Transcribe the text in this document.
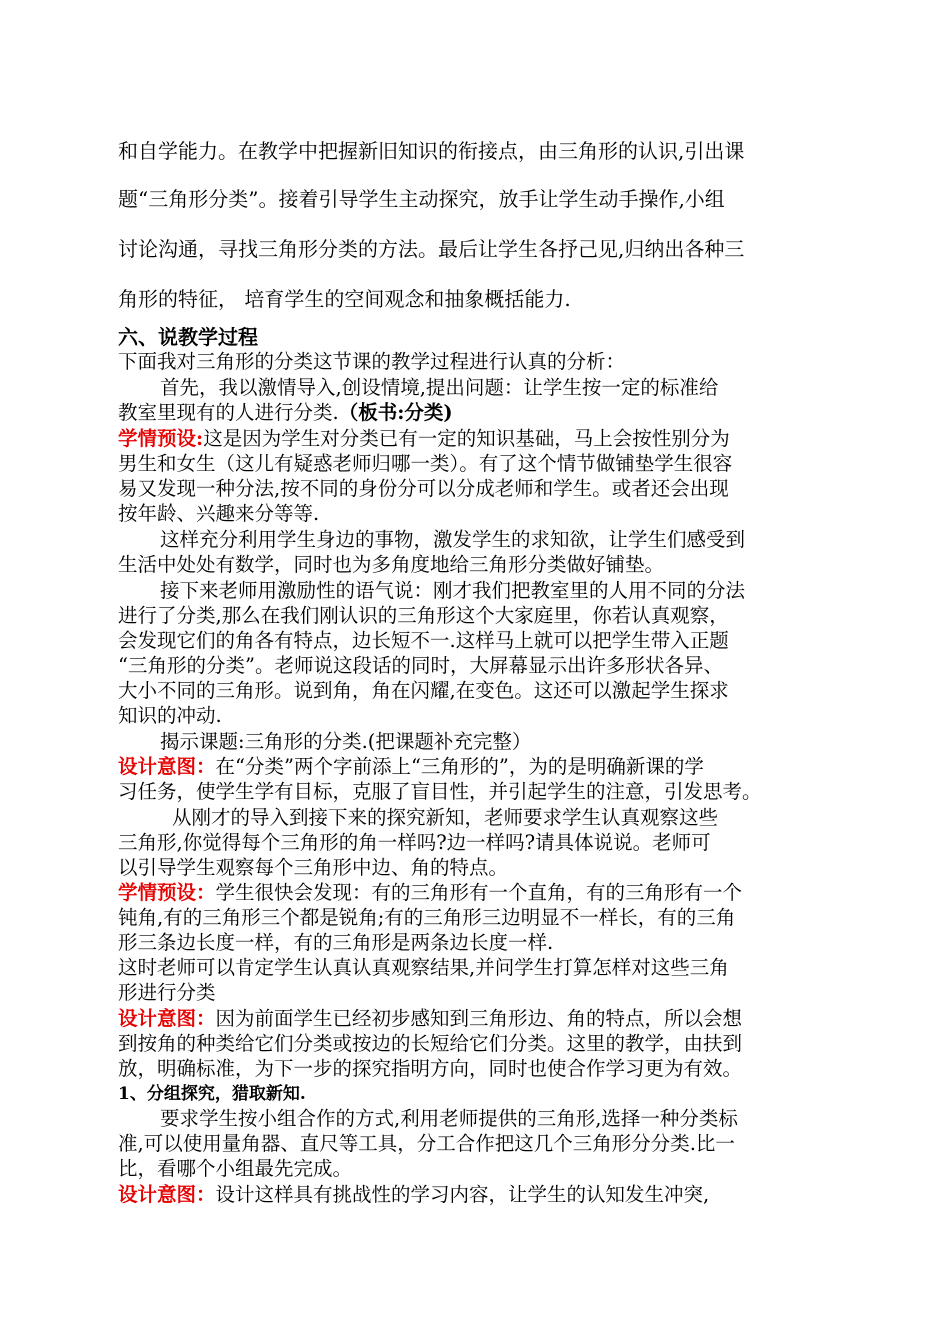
和自学能力。在教学中把握新旧知识的衔接点，由三角形的认识,引出课
题“三角形分类”。接着引导学生主动探究，放手让学生动手操作,小组
讨论沟通，寻找三角形分类的方法。最后让学生各抒己见,归纳出各种三
角形的特征， 培育学生的空间观念和抽象概括能力.
六、说教学过程
下面我对三角形的分类这节课的教学过程进行认真的分析：
首先，我以激情导入,创设情境,提出问题：让学生按一定的标准给
教室里现有的人进行分类.（板书:分类)
学情预设:这是因为学生对分类已有一定的知识基础，马上会按性别分为
男生和女生（这儿有疑惑老师归哪一类）。有了这个情节做铺垫学生很容
易又发现一种分法,按不同的身份分可以分成老师和学生。或者还会出现
按年龄、兴趣来分等等.
这样充分利用学生身边的事物，激发学生的求知欲，让学生们感受到
生活中处处有数学，同时也为多角度地给三角形分类做好铺垫。
接下来老师用激励性的语气说：刚才我们把教室里的人用不同的分法
进行了分类,那么在我们刚认识的三角形这个大家庭里，你若认真观察，
会发现它们的角各有特点，边长短不一.这样马上就可以把学生带入正题
“三角形的分类”。老师说这段话的同时，大屏幕显示出许多形状各异、
大小不同的三角形。说到角，角在闪耀,在变色。这还可以激起学生探求
知识的冲动.
揭示课题:三角形的分类.(把课题补充完整）
设计意图：在“分类”两个字前添上“三角形的”，为的是明确新课的学
习任务，使学生学有目标，克服了盲目性，并引起学生的注意，引发思考。
从刚才的导入到接下来的探究新知，老师要求学生认真观察这些
三角形,你觉得每个三角形的角一样吗?边一样吗?请具体说说。老师可
以引导学生观察每个三角形中边、角的特点。
学情预设：学生很快会发现：有的三角形有一个直角，有的三角形有一个
钝角,有的三角形三个都是锐角;有的三角形三边明显不一样长，有的三角
形三条边长度一样，有的三角形是两条边长度一样.
这时老师可以肯定学生认真认真观察结果,并问学生打算怎样对这些三角
形进行分类
设计意图：因为前面学生已经初步感知到三角形边、角的特点，所以会想
到按角的种类给它们分类或按边的长短给它们分类。这里的教学，由扶到
放，明确标准，为下一步的探究指明方向，同时也使合作学习更为有效。
1、分组探究，猎取新知.
要求学生按小组合作的方式,利用老师提供的三角形,选择一种分类标
准,可以使用量角器、直尺等工具，分工合作把这几个三角形分分类.比一
比，看哪个小组最先完成。
设计意图：设计这样具有挑战性的学习内容，让学生的认知发生冲突,
